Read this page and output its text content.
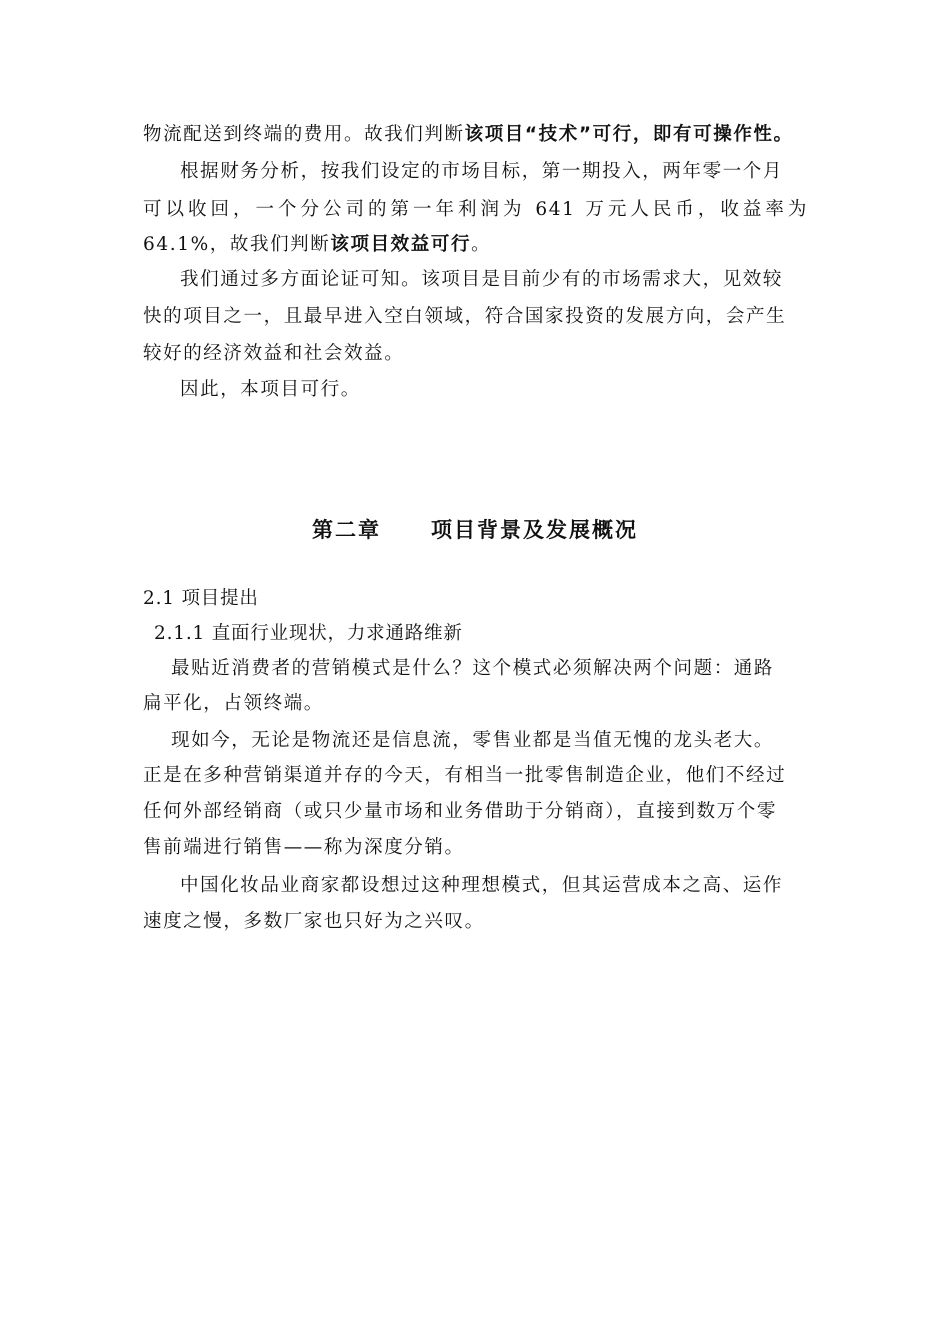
物流配送到终端的费用。故我们判断该项目“技术”可行，即有可操作性。
根据财务分析，按我们设定的市场目标，第一期投入，两年零一个月
可以收回，一个分公司的第一年利润为 641 万元人民币，收益率为
64.1%，故我们判断该项目效益可行。
我们通过多方面论证可知。该项目是目前少有的市场需求大，见效较
快的项目之一，且最早进入空白领域，符合国家投资的发展方向，会产生
较好的经济效益和社会效益。
因此，本项目可行。
第二章 项目背景及发展概况
2.1 项目提出
2.1.1 直面行业现状，力求通路维新
最贴近消费者的营销模式是什么？这个模式必须解决两个问题：通路
扁平化，占领终端。
现如今，无论是物流还是信息流，零售业都是当值无愧的龙头老大。
正是在多种营销渠道并存的今天，有相当一批零售制造企业，他们不经过
任何外部经销商（或只少量市场和业务借助于分销商），直接到数万个零
售前端进行销售——称为深度分销。
中国化妆品业商家都设想过这种理想模式，但其运营成本之高、运作
速度之慢，多数厂家也只好为之兴叹。
